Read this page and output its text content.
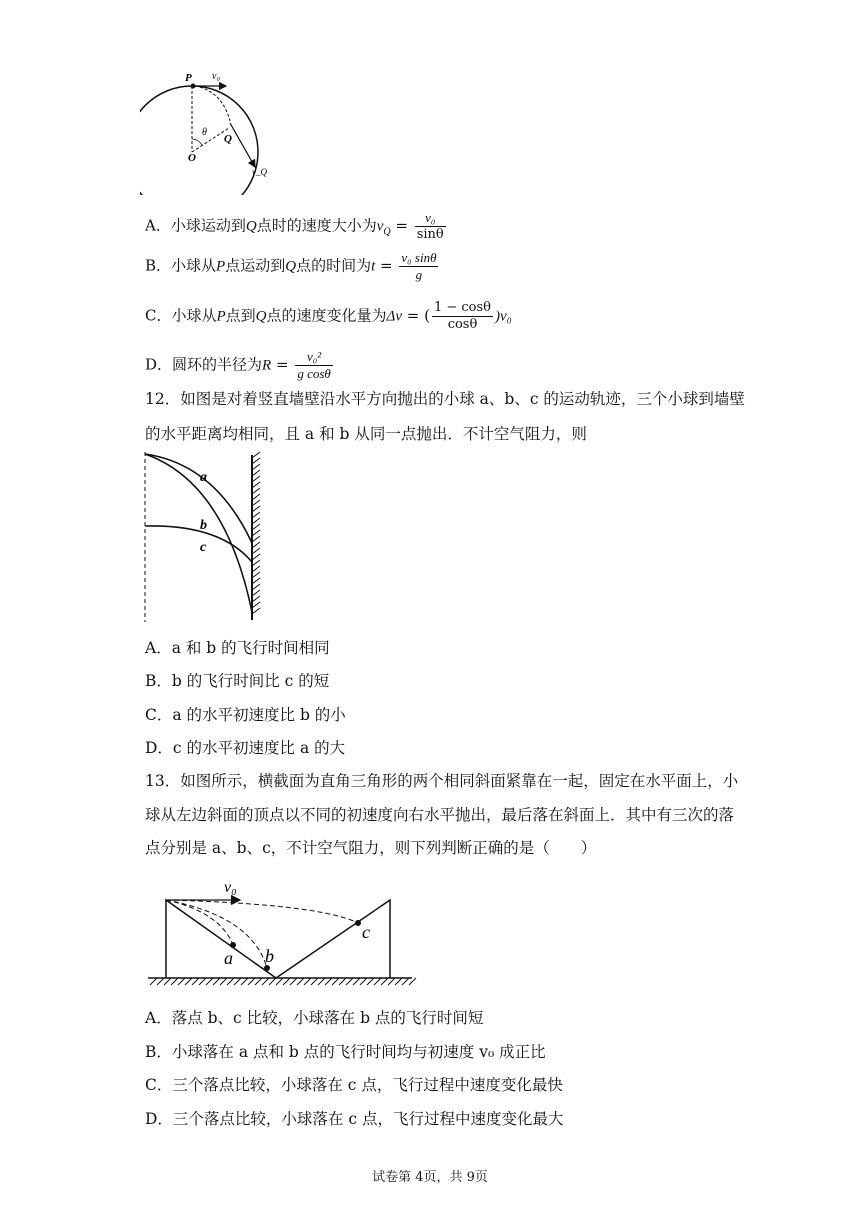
P v₀
θ
Q
O
v_Q
A．小球运动到Q点时的速度大小为$v_Q = \frac{\text{v₀}}{\sin\theta}$
B．小球从P点运动到Q点的时间为$t = \frac{\text{v₀ sinθ}}{g}$
C．小球从P点到Q点的速度变化量为Δv = ( $\frac{1 - \cos\theta}{\cos\theta} )v_0$
D．圆环的半径为$R = \frac{\text{v₀²}}{\text{g cosθ}}$
12．如图是对着竖直墙壁沿水平方向抛出的小球 a、b、c 的运动轨迹，三个小球到墙壁
的水平距离均相同，且 a 和 b 从同一点抛出．不计空气阻力，则
a
b
c
A．a 和 b 的飞行时间相同
B．b 的飞行时间比 c 的短
C．a 的水平初速度比 b 的小
D．c 的水平初速度比 a 的大
13．如图所示，横截面为直角三角形的两个相同斜面紧靠在一起，固定在水平面上，小
球从左边斜面的顶点以不同的初速度向右水平抛出，最后落在斜面上．其中有三次的落
点分别是 a、b、c，不计空气阻力，则下列判断正确的是（　　）
v₀
a b
c
A．落点 b、c 比较，小球落在 b 点的飞行时间短
B．小球落在 a 点和 b 点的飞行时间均与初速度 v₀ 成正比
C．三个落点比较，小球落在 c 点，飞行过程中速度变化最快
D．三个落点比较，小球落在 c 点，飞行过程中速度变化最大
试卷第 4页，共 9页
